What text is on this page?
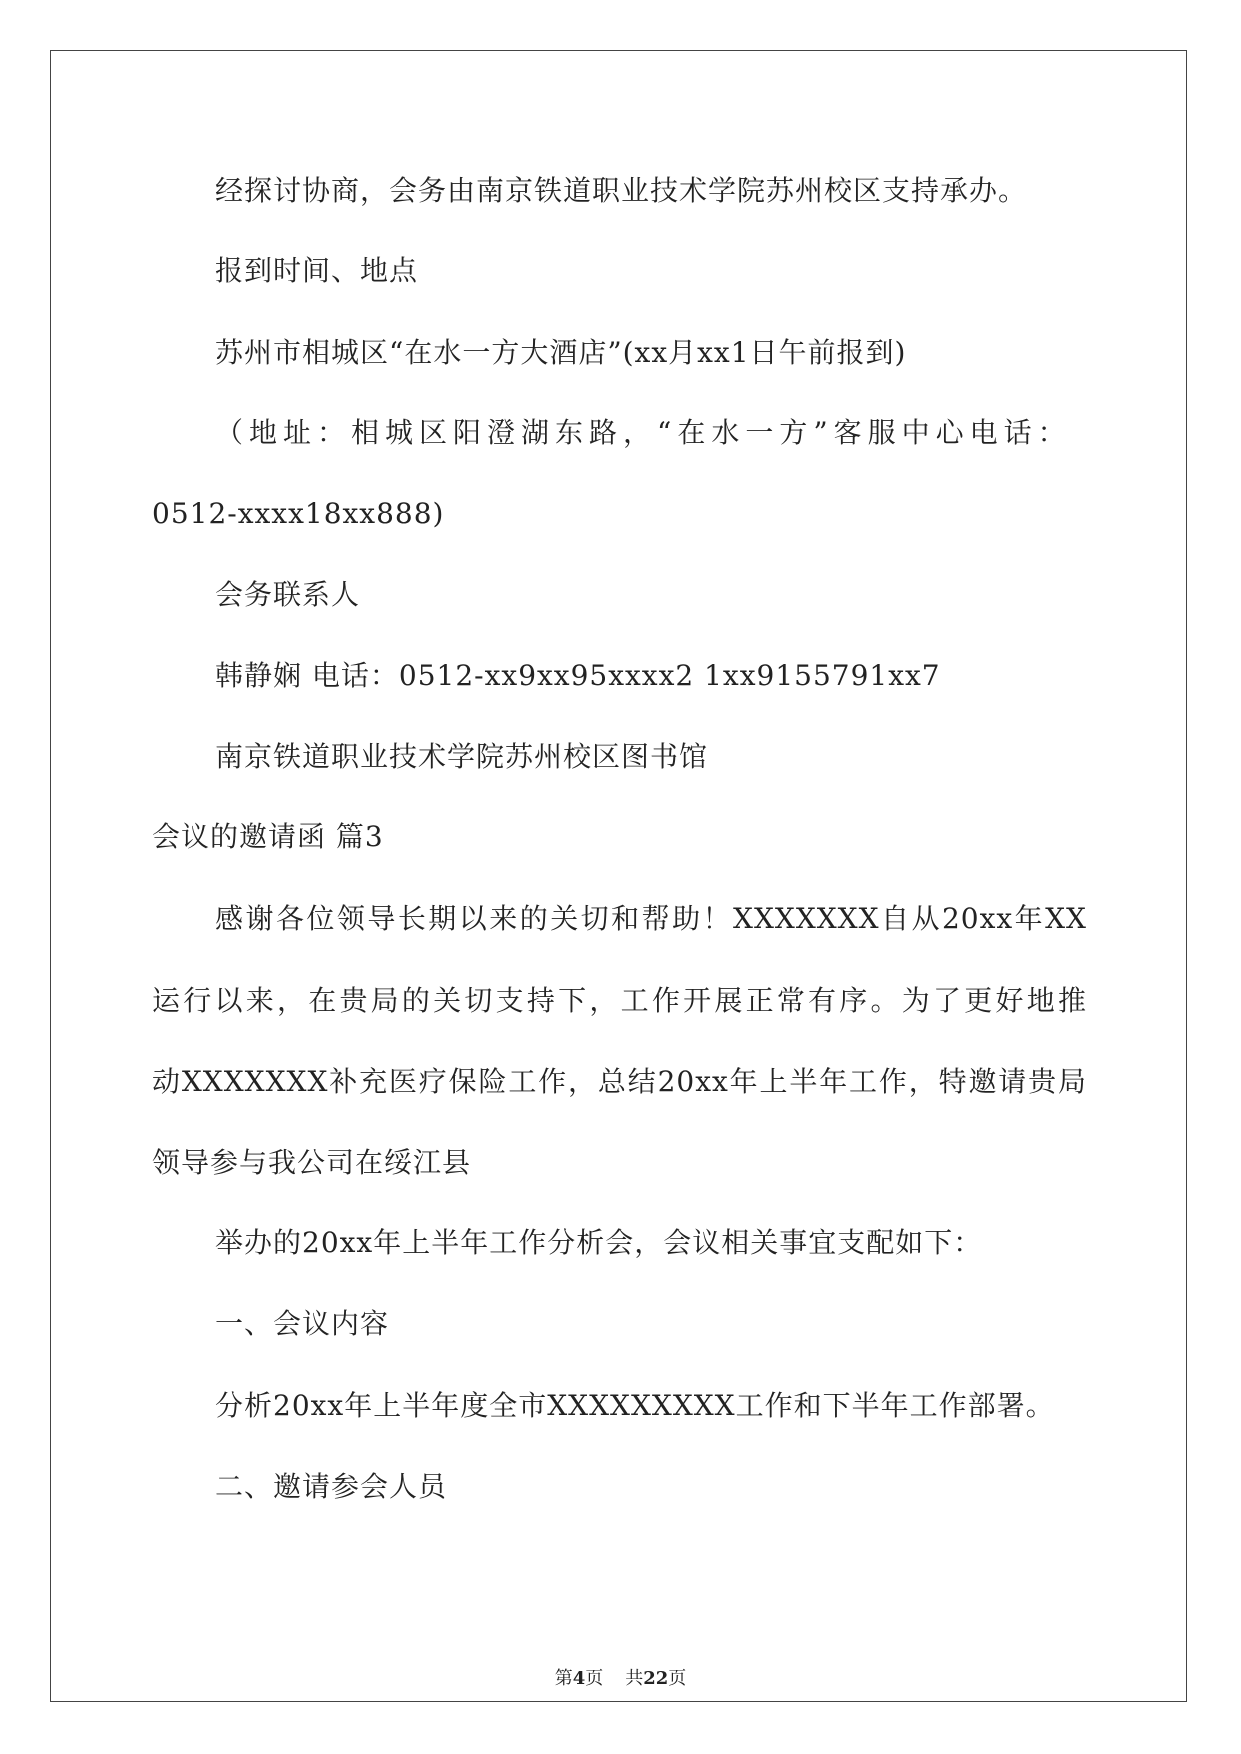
经探讨协商，会务由南京铁道职业技术学院苏州校区支持承办。
报到时间、地点
苏州市相城区“在水一方大酒店”(xx月xx1日午前报到)
（地址：相城区阳澄湖东路，“在水一方”客服中心电话：
0512-xxxx18xx888)
会务联系人
韩静娴 电话：0512-xx9xx95xxxx2 1xx9155791xx7
南京铁道职业技术学院苏州校区图书馆
会议的邀请函 篇3
感谢各位领导长期以来的关切和帮助！XXXXXXX自从20xx年XX
运行以来，在贵局的关切支持下，工作开展正常有序。为了更好地推
动XXXXXXX补充医疗保险工作，总结20xx年上半年工作，特邀请贵局
领导参与我公司在绥江县
举办的20xx年上半年工作分析会，会议相关事宜支配如下：
一、会议内容
分析20xx年上半年度全市XXXXXXXXX工作和下半年工作部署。
二、邀请参会人员
第4页 共22页
